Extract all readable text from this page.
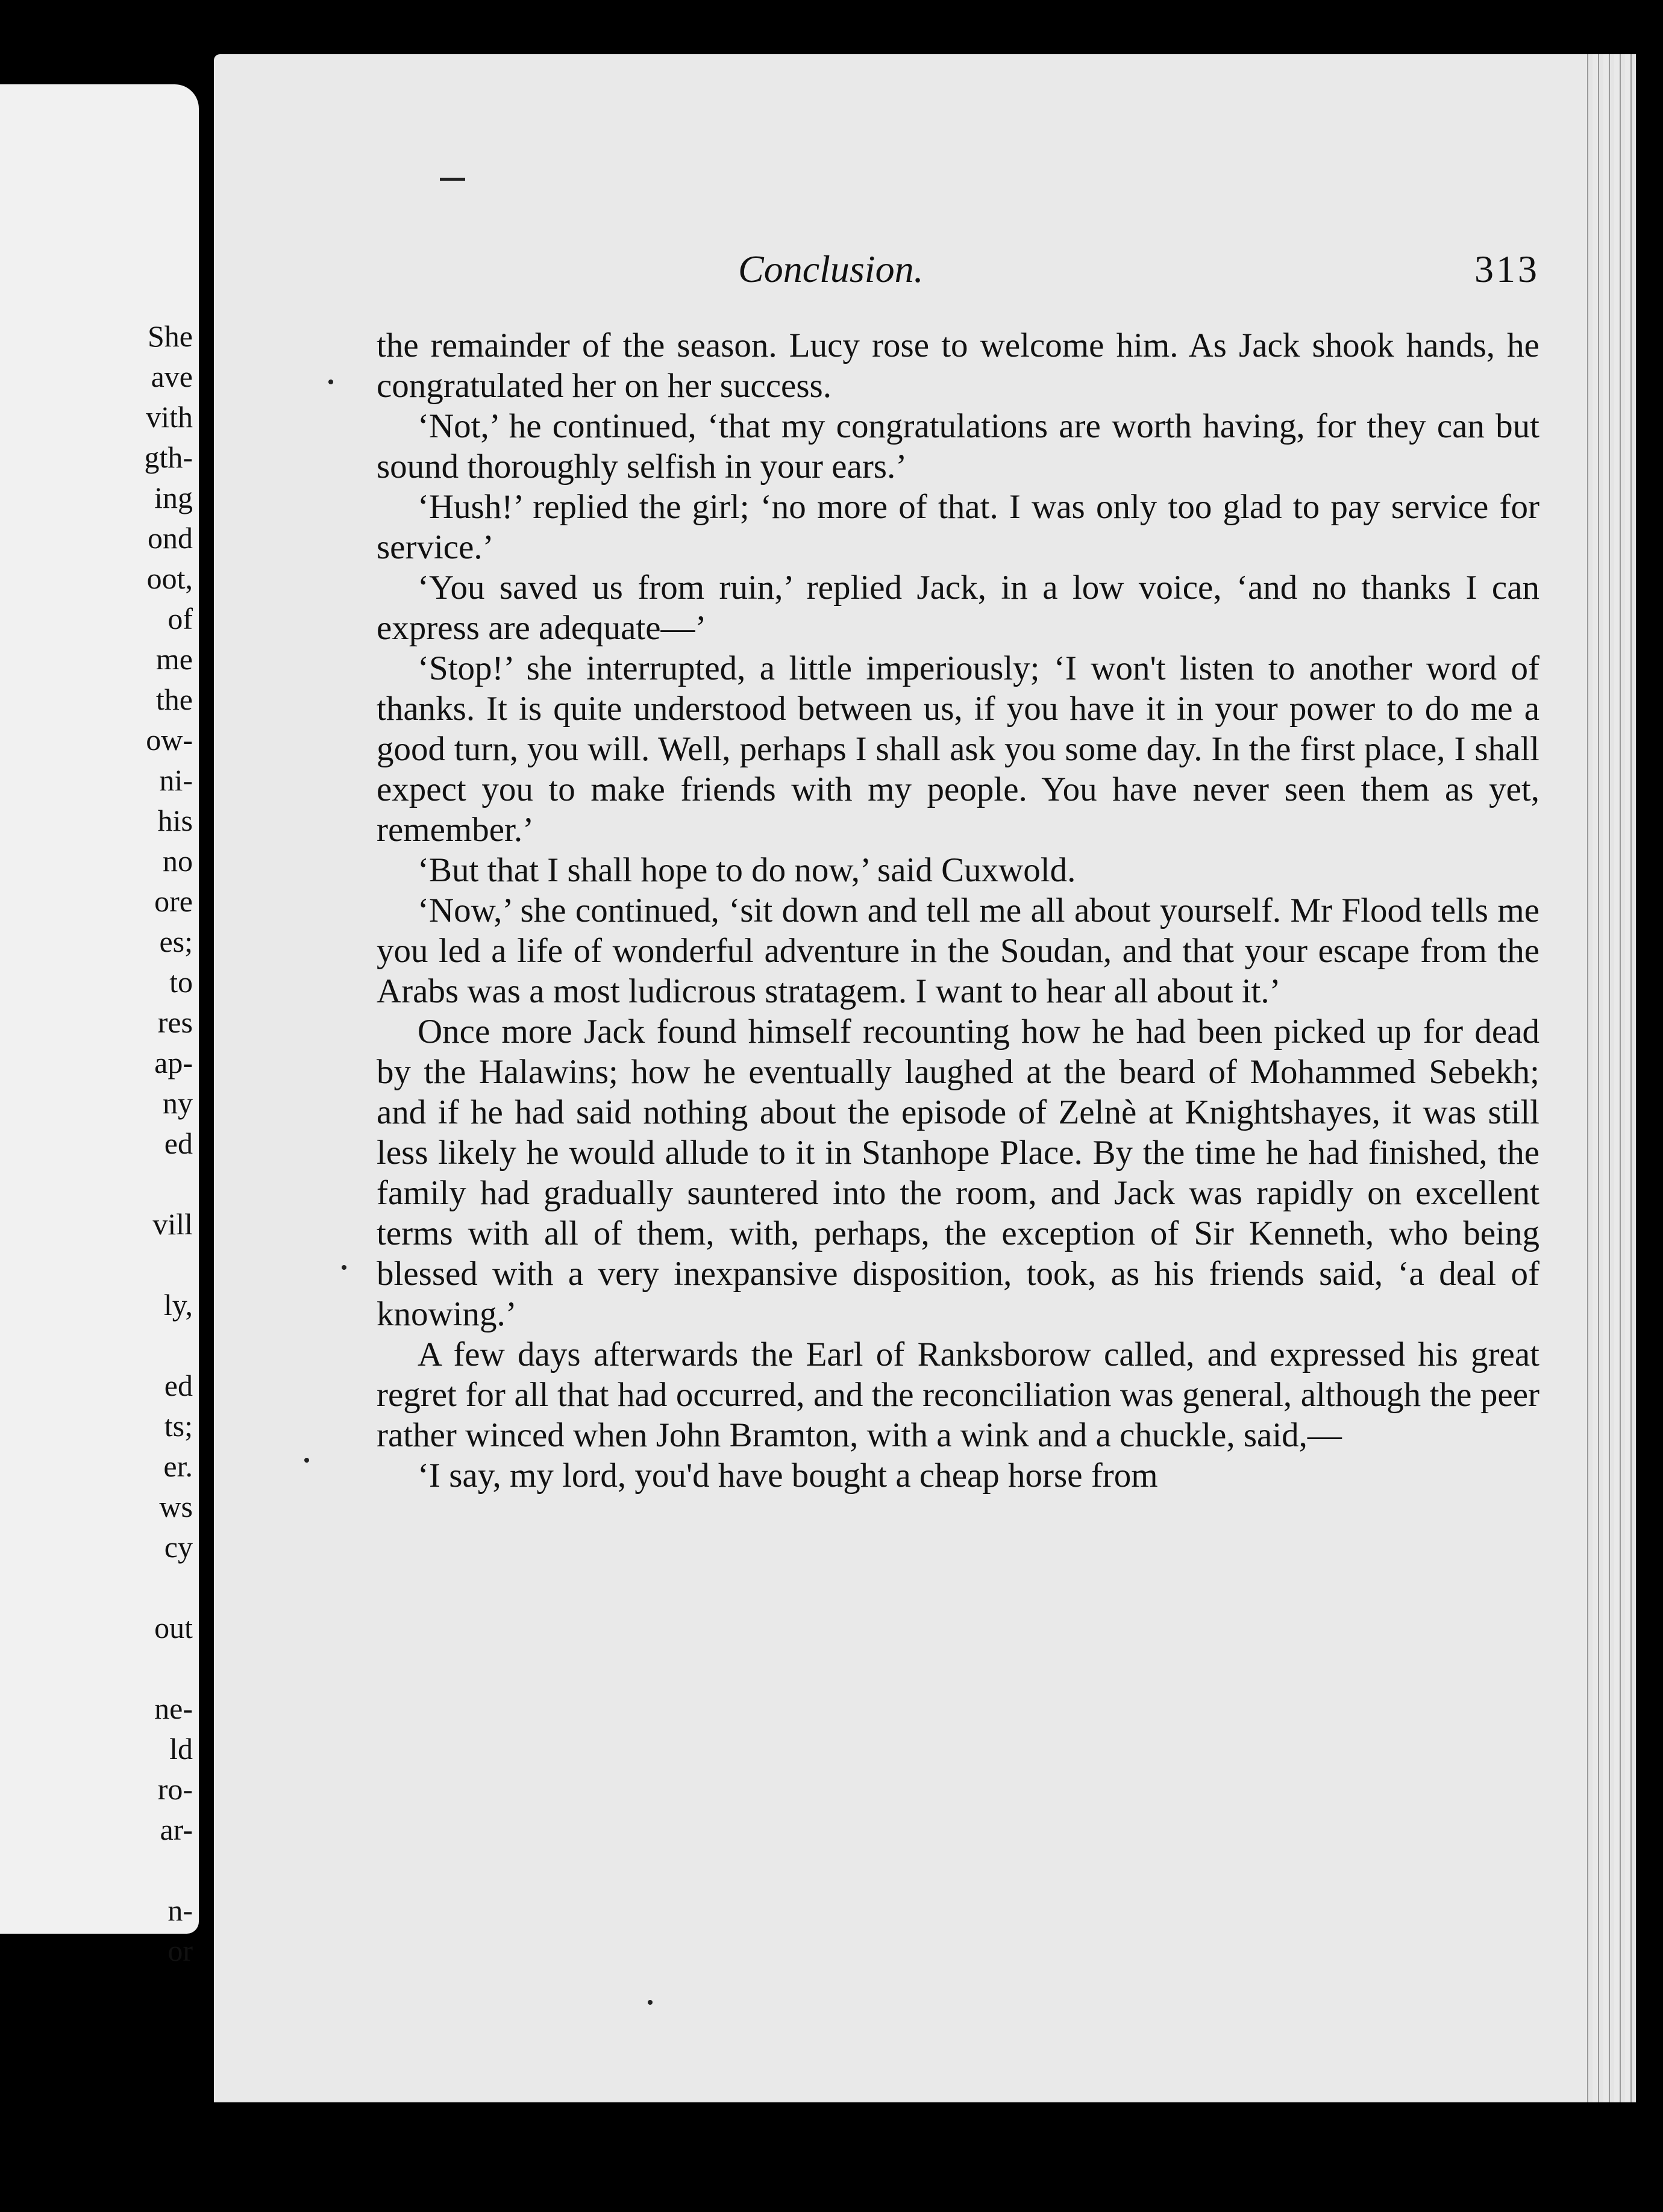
She
ave
vith
gth-
ing
ond
oot,
of
me
the
ow-
ni-
his
no
ore
es;
to
res
ap-
ny
ed
vill
ly,
ed
ts;
er.
ws
cy
out
ne-
ld
ro-
ar-
n-
or
Conclusion.	313

the remainder of the season. Lucy rose to welcome him. As Jack shook hands, he congratulated her on her success.

‘Not,’ he continued, ‘that my congratulations are worth having, for they can but sound thoroughly selfish in your ears.’

‘Hush!’ replied the girl; ‘no more of that. I was only too glad to pay service for service.’

‘You saved us from ruin,’ replied Jack, in a low voice, ‘and no thanks I can express are adequate—’

‘Stop!’ she interrupted, a little imperiously; ‘I won't listen to another word of thanks. It is quite understood between us, if you have it in your power to do me a good turn, you will. Well, perhaps I shall ask you some day. In the first place, I shall expect you to make friends with my people. You have never seen them as yet, remember.’

‘But that I shall hope to do now,’ said Cuxwold.

‘Now,’ she continued, ‘sit down and tell me all about yourself. Mr Flood tells me you led a life of wonderful adventure in the Soudan, and that your escape from the Arabs was a most ludicrous stratagem. I want to hear all about it.’

Once more Jack found himself recounting how he had been picked up for dead by the Halawins; how he eventually laughed at the beard of Mohammed Sebekh; and if he had said nothing about the episode of Zelnè at Knightshayes, it was still less likely he would allude to it in Stanhope Place. By the time he had finished, the family had gradually sauntered into the room, and Jack was rapidly on excellent terms with all of them, with, perhaps, the exception of Sir Kenneth, who being blessed with a very inexpansive disposition, took, as his friends said, ‘a deal of knowing.’

A few days afterwards the Earl of Ranksborow called, and expressed his great regret for all that had occurred, and the reconciliation was general, although the peer rather winced when John Bramton, with a wink and a chuckle, said,—

‘I say, my lord, you'd have bought a cheap horse from
